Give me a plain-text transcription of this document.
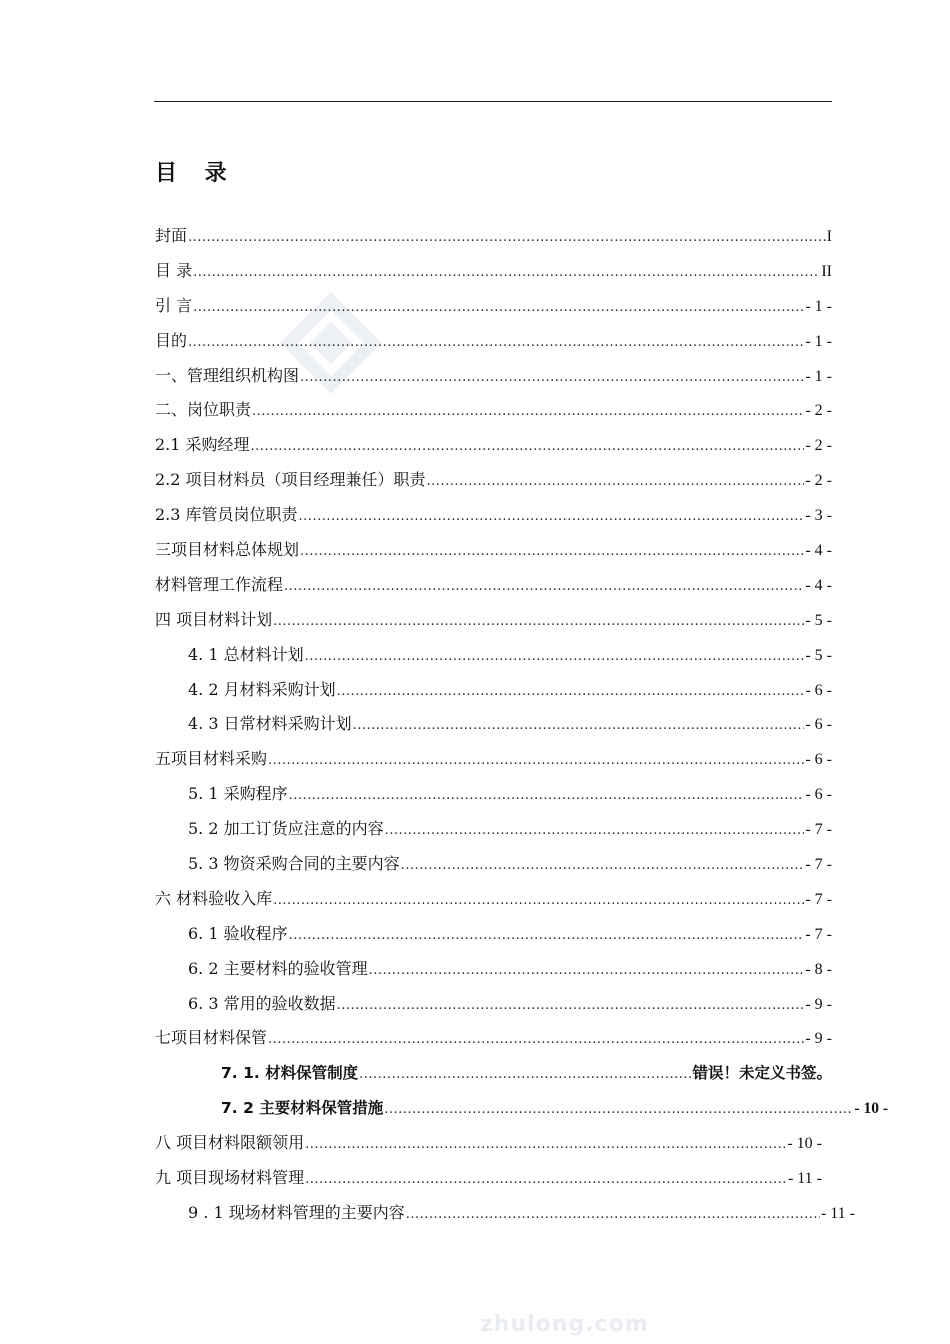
目 录
封面 .....	I
目 录 .....	II
引 言 .....	- 1 -
目的 .....	- 1 -
一、管理组织机构图 .....	- 1 -
二、岗位职责 .....	- 2 -
2.1 采购经理 .....	- 2 -
2.2 项目材料员（项目经理兼任）职责 .....	- 2 -
2.3 库管员岗位职责 .....	- 3 -
三项目材料总体规划 .....	- 4 -
材料管理工作流程 .....	- 4 -
四 项目材料计划 .....	- 5 -
4. 1 总材料计划 .....	- 5 -
4. 2 月材料采购计划 .....	- 6 -
4. 3 日常材料采购计划 .....	- 6 -
五项目材料采购 .....	- 6 -
5. 1 采购程序 .....	- 6 -
5. 2 加工订货应注意的内容 .....	- 7 -
5. 3 物资采购合同的主要内容 .....	- 7 -
六 材料验收入库 .....	- 7 -
6. 1 验收程序 .....	- 7 -
6. 2 主要材料的验收管理 .....	- 8 -
6. 3 常用的验收数据 .....	- 9 -
七项目材料保管 .....	- 9 -
7. 1. 材料保管制度 .....	错误！未定义书签。
7. 2 主要材料保管措施 .....	- 10 -
八 项目材料限额领用 .....	- 10 -
九 项目现场材料管理 .....	- 11 -
9 . 1 现场材料管理的主要内容 .....	- 11 -
zhulong.com
